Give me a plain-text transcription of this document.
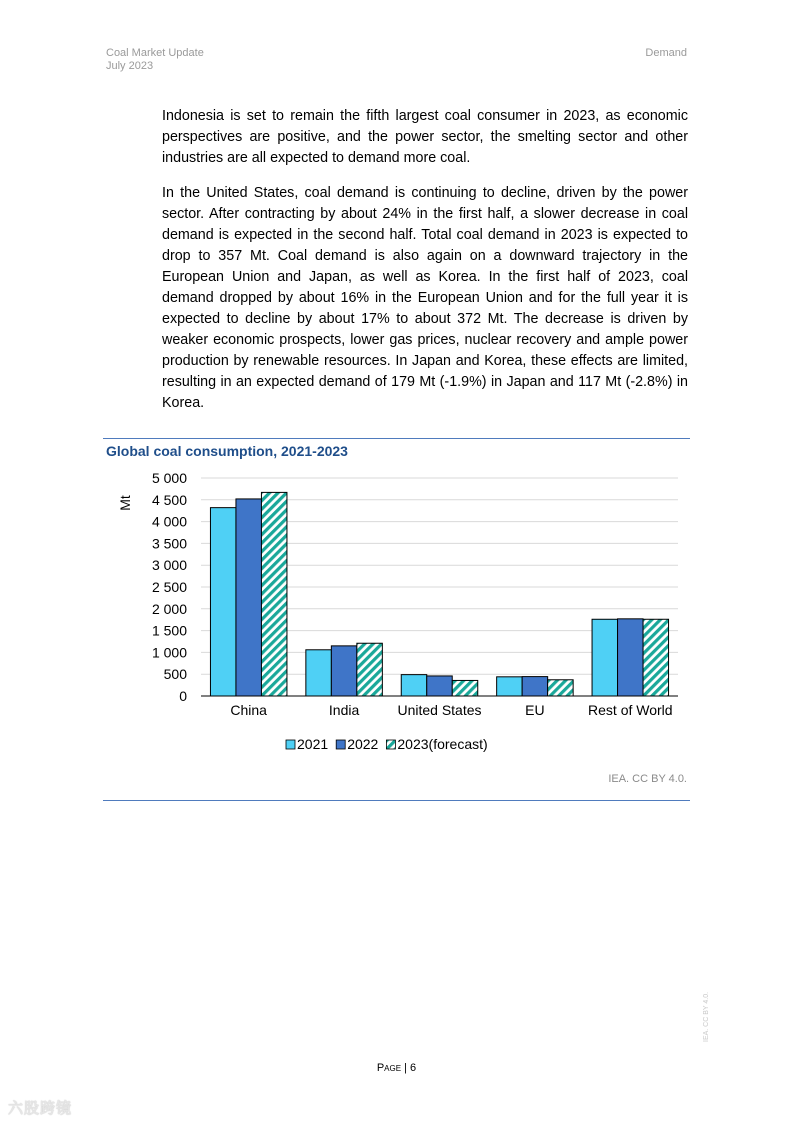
Coal Market Update
July 2023
Demand

Indonesia is set to remain the fifth largest coal consumer in 2023, as economic perspectives are positive, and the power sector, the smelting sector and other industries are all expected to demand more coal.

In the United States, coal demand is continuing to decline, driven by the power sector. After contracting by about 24% in the first half, a slower decrease in coal demand is expected in the second half. Total coal demand in 2023 is expected to drop to 357 Mt. Coal demand is also again on a downward trajectory in the European Union and Japan, as well as Korea. In the first half of 2023, coal demand dropped by about 16% in the European Union and for the full year it is expected to decline by about 17% to about 372 Mt. The decrease is driven by weaker economic prospects, lower gas prices, nuclear recovery and ample power production by renewable resources. In Japan and Korea, these effects are limited, resulting in an expected demand of 179 Mt (-1.9%) in Japan and 117 Mt (-2.8%) in Korea.

Global coal consumption, 2021-2023
0
500
1 000
1 500
2 000
2 500
3 000
3 500
4 000
4 500
5 000
Mt
China	India	United States	EU	Rest of World
2021 2022 2023(forecast)
IEA. CC BY 4.0.
Page | 6
IEA. CC BY 4.0.
六股跨镜
